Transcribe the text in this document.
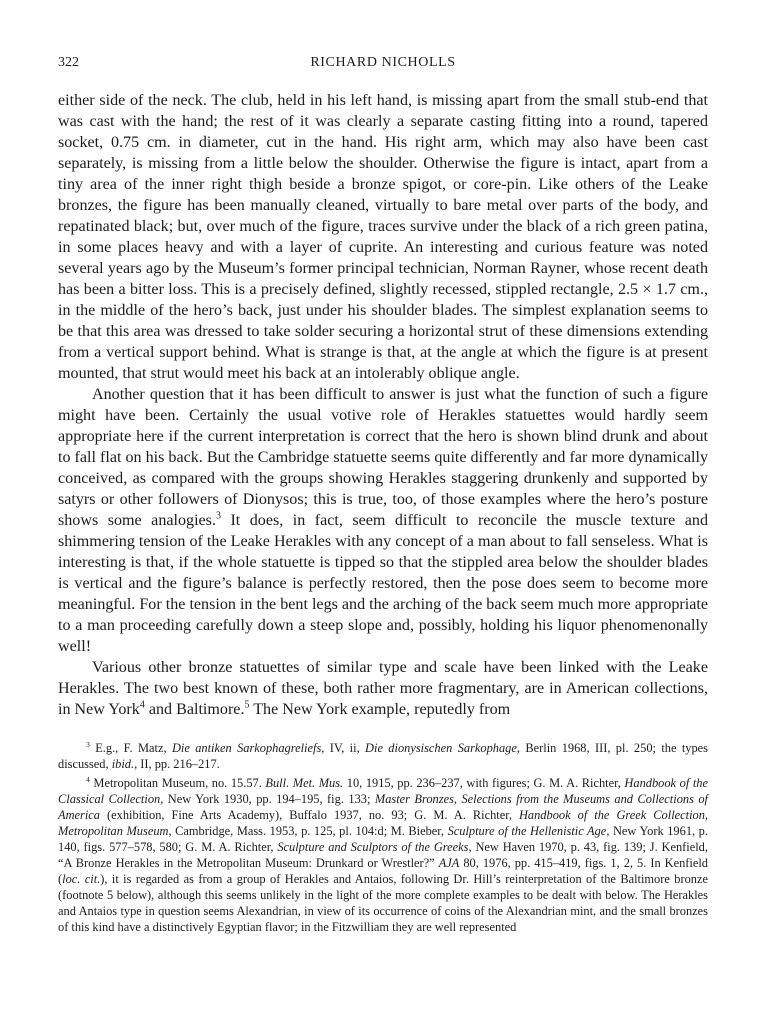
322	RICHARD NICHOLLS

either side of the neck. The club, held in his left hand, is missing apart from the small stub-end that was cast with the hand; the rest of it was clearly a separate casting fitting into a round, tapered socket, 0.75 cm. in diameter, cut in the hand. His right arm, which may also have been cast separately, is missing from a little below the shoulder. Otherwise the figure is intact, apart from a tiny area of the inner right thigh beside a bronze spigot, or core-pin. Like others of the Leake bronzes, the figure has been manually cleaned, virtually to bare metal over parts of the body, and repatinated black; but, over much of the figure, traces survive under the black of a rich green patina, in some places heavy and with a layer of cuprite. An interesting and curious feature was noted several years ago by the Museum’s former principal technician, Norman Rayner, whose recent death has been a bitter loss. This is a precisely defined, slightly recessed, stippled rectangle, 2.5 × 1.7 cm., in the middle of the hero’s back, just under his shoulder blades. The simplest explanation seems to be that this area was dressed to take solder securing a horizontal strut of these dimensions extending from a vertical support behind. What is strange is that, at the angle at which the figure is at present mounted, that strut would meet his back at an intolerably oblique angle.

Another question that it has been difficult to answer is just what the function of such a figure might have been. Certainly the usual votive role of Herakles statuettes would hardly seem appropriate here if the current interpretation is correct that the hero is shown blind drunk and about to fall flat on his back. But the Cambridge statuette seems quite differently and far more dynamically conceived, as compared with the groups showing Herakles staggering drunkenly and supported by satyrs or other followers of Dionysos; this is true, too, of those examples where the hero’s posture shows some analogies.$^3$ It does, in fact, seem difficult to reconcile the muscle texture and shimmering tension of the Leake Herakles with any concept of a man about to fall senseless. What is interesting is that, if the whole statuette is tipped so that the stippled area below the shoulder blades is vertical and the figure’s balance is perfectly restored, then the pose does seem to become more meaningful. For the tension in the bent legs and the arching of the back seem much more appropriate to a man proceeding carefully down a steep slope and, possibly, holding his liquor phenomenonally well!

Various other bronze statuettes of similar type and scale have been linked with the Leake Herakles. The two best known of these, both rather more fragmentary, are in American collections, in New York$^4$ and Baltimore.$^5$ The New York example, reputedly from

$^3$ E.g., F. Matz, Die antiken Sarkophagreliefs, IV, ii, Die dionysischen Sarkophage, Berlin 1968, III, pl. 250; the types discussed, ibid., II, pp. 216–217.

$^4$ Metropolitan Museum, no. 15.57. Bull. Met. Mus. 10, 1915, pp. 236–237, with figures; G. M. A. Richter, Handbook of the Classical Collection, New York 1930, pp. 194–195, fig. 133; Master Bronzes, Selections from the Museums and Collections of America (exhibition, Fine Arts Academy), Buffalo 1937, no. 93; G. M. A. Richter, Handbook of the Greek Collection, Metropolitan Museum, Cambridge, Mass. 1953, p. 125, pl. 104:d; M. Bieber, Sculpture of the Hellenistic Age, New York 1961, p. 140, figs. 577–578, 580; G. M. A. Richter, Sculpture and Sculptors of the Greeks, New Haven 1970, p. 43, fig. 139; J. Kenfield, “A Bronze Herakles in the Metropolitan Museum: Drunkard or Wrestler?” AJA 80, 1976, pp. 415–419, figs. 1, 2, 5. In Kenfield (loc. cit.), it is regarded as from a group of Herakles and Antaios, following Dr. Hill’s reinterpretation of the Baltimore bronze (footnote 5 below), although this seems unlikely in the light of the more complete examples to be dealt with below. The Herakles and Antaios type in question seems Alexandrian, in view of its occurrence of coins of the Alexandrian mint, and the small bronzes of this kind have a distinctively Egyptian flavor; in the Fitzwilliam they are well represented
